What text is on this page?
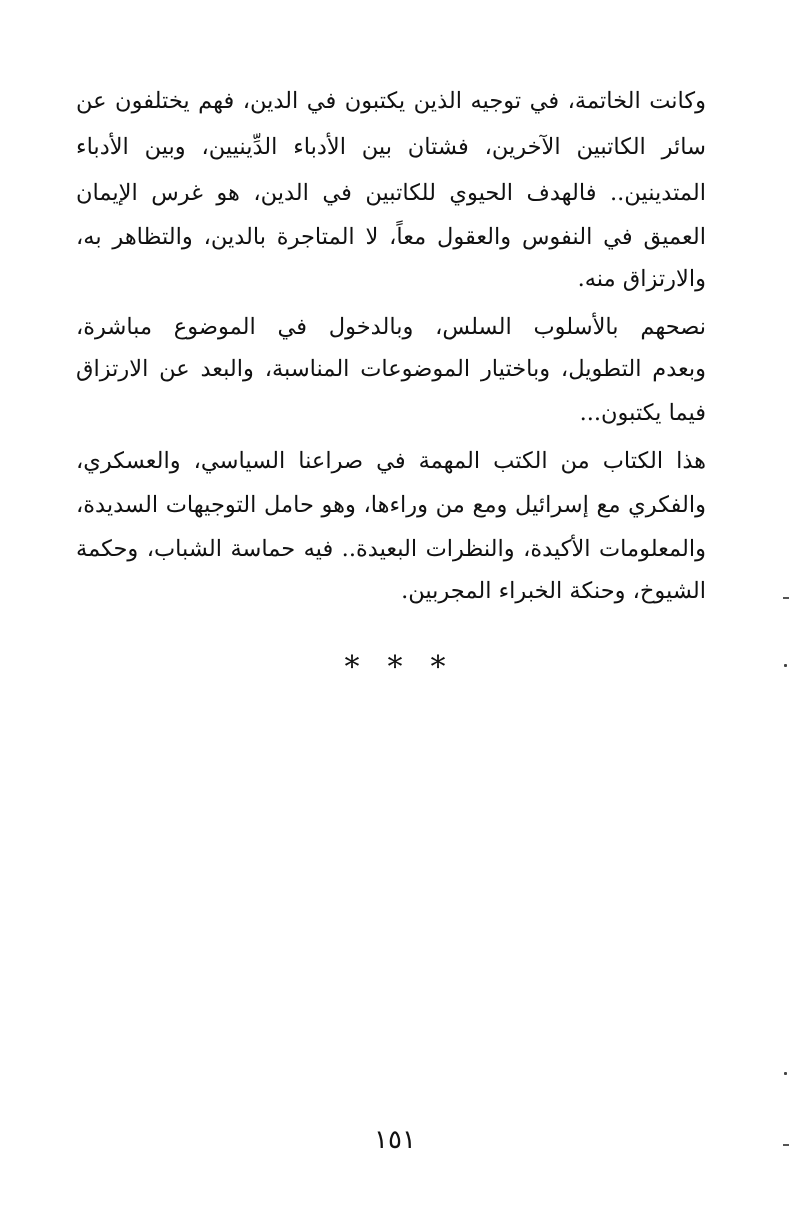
وكانت الخاتمة، في توجيه الذين يكتبون في الدين، فهم يختلفون عن
سائر الكاتبين الآخرين، فشتان بين الأدباء الدِّينيين، وبين الأدباء
المتدينين.. فالهدف الحيوي للكاتبين في الدين، هو غرس الإيمان
العميق في النفوس والعقول معاً، لا المتاجرة بالدين، والتظاهر به،
والارتزاق منه.
نصحهم بالأسلوب السلس، وبالدخول في الموضوع مباشرة،
وبعدم التطويل، وباختيار الموضوعات المناسبة، والبعد عن الارتزاق
فيما يكتبون...
هذا الكتاب من الكتب المهمة في صراعنا السياسي، والعسكري،
والفكري مع إسرائيل ومع من وراءها، وهو حامل التوجيهات السديدة،
والمعلومات الأكيدة، والنظرات البعيدة.. فيه حماسة الشباب، وحكمة
الشيوخ، وحنكة الخبراء المجربين.
***
١٥١
